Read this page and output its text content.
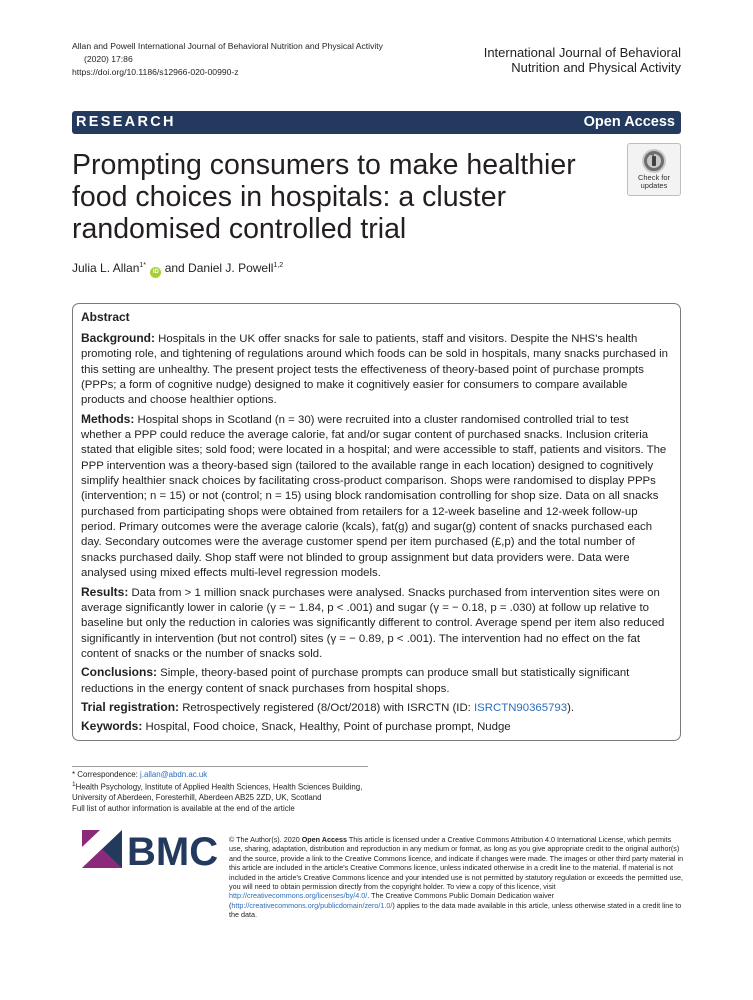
Allan and Powell International Journal of Behavioral Nutrition and Physical Activity
(2020) 17:86
https://doi.org/10.1186/s12966-020-00990-z
International Journal of Behavioral
Nutrition and Physical Activity
RESEARCH	Open Access
Prompting consumers to make healthier food choices in hospitals: a cluster randomised controlled trial
Check for
updates
Julia L. Allan$^{1*}$ iD and Daniel J. Powell$^{1,2}$
Abstract

Background: Hospitals in the UK offer snacks for sale to patients, staff and visitors. Despite the NHS's health promoting role, and tightening of regulations around which foods can be sold in hospitals, many snacks purchased in this setting are unhealthy. The present project tests the effectiveness of theory-based point of purchase prompts (PPPs; a form of cognitive nudge) designed to make it cognitively easier for consumers to compare available products and choose healthier options.

Methods: Hospital shops in Scotland (n = 30) were recruited into a cluster randomised controlled trial to test whether a PPP could reduce the average calorie, fat and/or sugar content of purchased snacks. Inclusion criteria stated that eligible sites; sold food; were located in a hospital; and were accessible to staff, patients and visitors. The PPP intervention was a theory-based sign (tailored to the available range in each location) designed to cognitively simplify healthier snack choices by facilitating cross-product comparison. Shops were randomised to display PPPs (intervention; n = 15) or not (control; n = 15) using block randomisation controlling for shop size. Data on all snacks purchased from participating shops were obtained from retailers for a 12-week baseline and 12-week follow-up period. Primary outcomes were the average calorie (kcals), fat(g) and sugar(g) content of snacks purchased each day. Secondary outcomes were the average customer spend per item purchased (£,p) and the total number of snacks purchased daily. Shop staff were not blinded to group assignment but data providers were. Data were analysed using mixed effects multi-level regression models.

Results: Data from > 1 million snack purchases were analysed. Snacks purchased from intervention sites were on average significantly lower in calorie (γ = − 1.84, p < .001) and sugar (γ = − 0.18, p = .030) at follow up relative to baseline but only the reduction in calories was significantly different to control. Average spend per item also reduced significantly in intervention (but not control) sites (γ = − 0.89, p < .001). The intervention had no effect on the fat content of snacks or the number of snacks sold.

Conclusions: Simple, theory-based point of purchase prompts can produce small but statistically significant reductions in the energy content of snack purchases from hospital shops.

Trial registration: Retrospectively registered (8/Oct/2018) with ISRCTN (ID: ISRCTN90365793).

Keywords: Hospital, Food choice, Snack, Healthy, Point of purchase prompt, Nudge

* Correspondence: j.allan@abdn.ac.uk
$^1$Health Psychology, Institute of Applied Health Sciences, Health Sciences Building, University of Aberdeen, Foresterhill, Aberdeen AB25 2ZD, UK, Scotland
Full list of author information is available at the end of the article
BMC © The Author(s). 2020 Open Access This article is licensed under a Creative Commons Attribution 4.0 International License, which permits use, sharing, adaptation, distribution and reproduction in any medium or format, as long as you give appropriate credit to the original author(s) and the source, provide a link to the Creative Commons licence, and indicate if changes were made. The images or other third party material in this article are included in the article's Creative Commons licence, unless indicated otherwise in a credit line to the material. If material is not included in the article's Creative Commons licence and your intended use is not permitted by statutory regulation or exceeds the permitted use, you will need to obtain permission directly from the copyright holder. To view a copy of this licence, visit http://creativecommons.org/licenses/by/4.0/. The Creative Commons Public Domain Dedication waiver (http://creativecommons.org/publicdomain/zero/1.0/) applies to the data made available in this article, unless otherwise stated in a credit line to the data.
